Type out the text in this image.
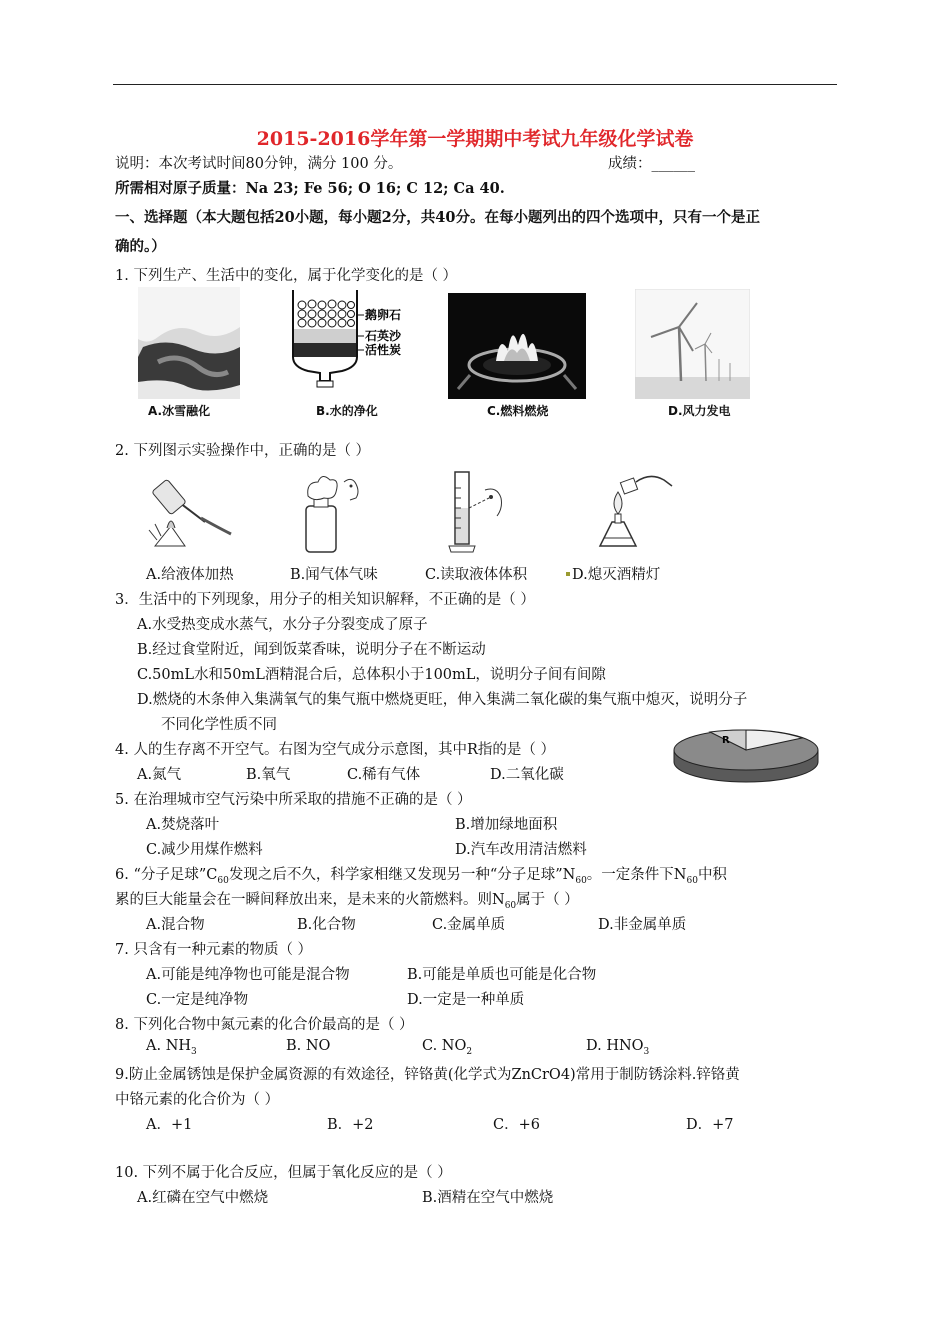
2015-2016学年第一学期期中考试九年级化学试卷
说明：本次考试时间80分钟，满分 100 分。	成绩：______
所需相对原子质量：Na 23; Fe 56; O 16; C 12; Ca 40.
一、选择题（本大题包括20小题，每小题2分，共40分。在每小题列出的四个选项中，只有一个是正
确的。）
1. 下列生产、生活中的变化，属于化学变化的是（ ）
A.冰雪融化
鹅卵石
石英沙
活性炭
B.水的净化	C.燃料燃烧	D.风力发电
2. 下列图示实验操作中，正确的是（ ）
A.给液体加热	B.闻气体气味	C.读取液体体积	D.熄灭酒精灯
3．生活中的下列现象，用分子的相关知识解释，不正确的是（ ）
A.水受热变成水蒸气，水分子分裂变成了原子
B.经过食堂附近，闻到饭菜香味，说明分子在不断运动
C.50mL水和50mL酒精混合后，总体积小于100mL，说明分子间有间隙
D.燃烧的木条伸入集满氧气的集气瓶中燃烧更旺，伸入集满二氧化碳的集气瓶中熄灭，说明分子
不同化学性质不同
4. 人的生存离不开空气。右图为空气成分示意图，其中R指的是（ ）
A.氮气	B.氧气	C.稀有气体	D.二氧化碳
R
5. 在治理城市空气污染中所采取的措施不正确的是（ ）
A.焚烧落叶	B.增加绿地面积
C.减少用煤作燃料	D.汽车改用清洁燃料
6. “分子足球$”C_{60}$发现之后不久，科学家相继又发现另一种“分子足球$”N_{60}$。一定条件下$N_{60}$中积
累的巨大能量会在一瞬间释放出来，是未来的火箭燃料。则$N_{60}$属于（ ）
A.混合物	B.化合物	C.金属单质	D.非金属单质
7. 只含有一种元素的物质（ ）
A.可能是纯净物也可能是混合物	B.可能是单质也可能是化合物
C.一定是纯净物	D.一定是一种单质
8. 下列化合物中氮元素的化合价最高的是（ ）
A. $NH_3$	B. NO	C. $NO_2$	D. $HNO_3$
9.防止金属锈蚀是保护金属资源的有效途径，锌铬黄(化学式为ZnCrO4)常用于制防锈涂料.锌铬黄
中铬元素的化合价为（ ）
A．+1	B．+2	C．+6	D．+7
10. 下列不属于化合反应，但属于氧化反应的是（ ）
A.红磷在空气中燃烧	B.酒精在空气中燃烧
